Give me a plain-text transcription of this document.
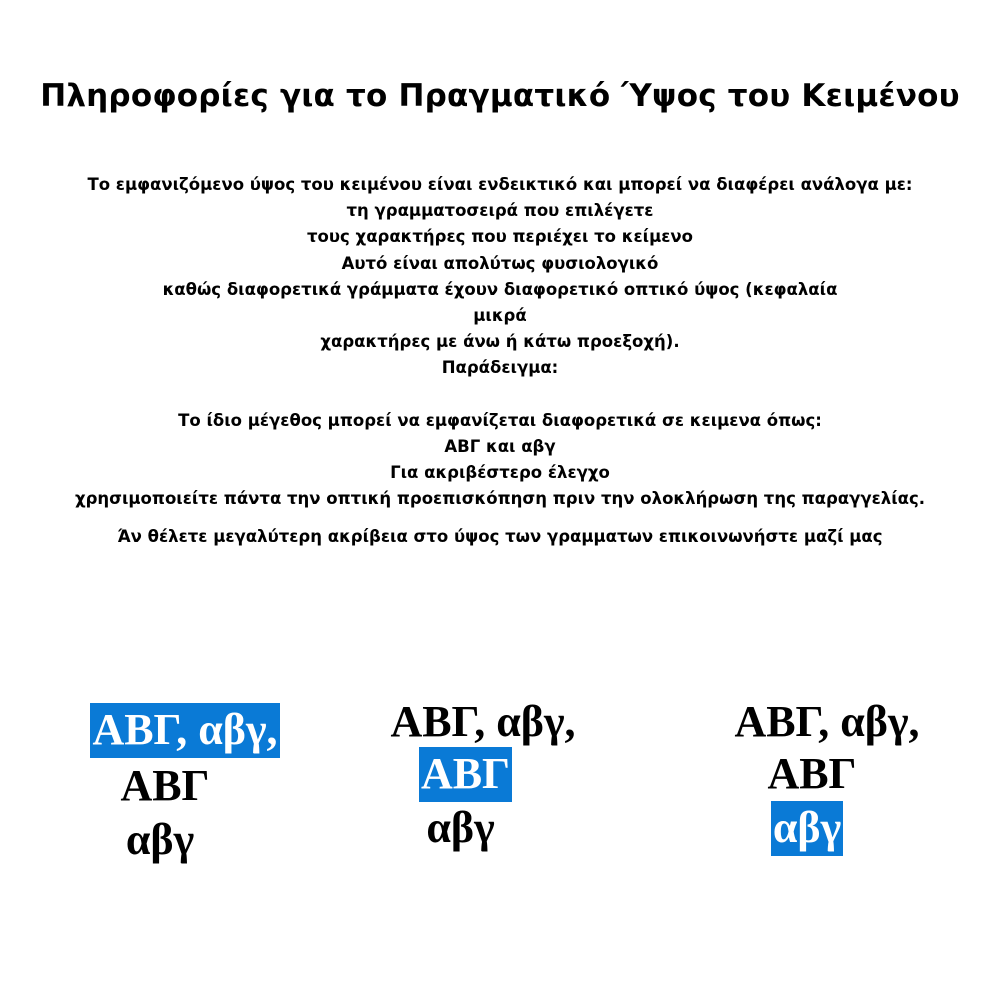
Πληροφορίες για το Πραγματικό Ύψος του Κειμένου
Το εμφανιζόμενο ύψος του κειμένου είναι ενδεικτικό και μπορεί να διαφέρει ανάλογα με:
τη γραμματοσειρά που επιλέγετε
τους χαρακτήρες που περιέχει το κείμενο
Αυτό είναι απολύτως φυσιολογικό
καθώς διαφορετικά γράμματα έχουν διαφορετικό οπτικό ύψος (κεφαλαία
μικρά
χαρακτήρες με άνω ή κάτω προεξοχή).
Παράδειγμα:
Το ίδιο μέγεθος μπορεί να εμφανίζεται διαφορετικά σε κειμενα όπως:
ΑΒΓ και αβγ
Για ακριβέστερο έλεγχο
χρησιμοποιείτε πάντα την οπτική προεπισκόπηση πριν την ολοκλήρωση της παραγγελίας.
Άν θέλετε μεγαλύτερη ακρίβεια στο ύψος των γραμματων επικοινωνήστε μαζί μας
ΑΒΓ, αβγ,
ΑΒΓ
αβγ
ΑΒΓ, αβγ,
ΑΒΓ
αβγ
ΑΒΓ, αβγ,
ΑΒΓ
αβγ
